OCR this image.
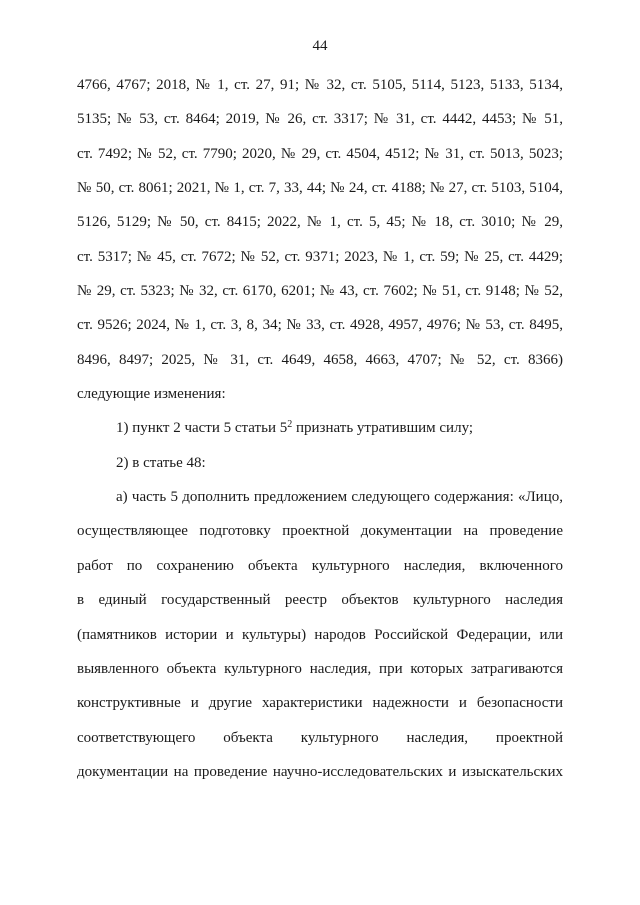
44
4766, 4767; 2018, № 1, ст. 27, 91; № 32, ст. 5105, 5114, 5123, 5133, 5134,
5135; № 53, ст. 8464; 2019, № 26, ст. 3317; № 31, ст. 4442, 4453; № 51,
ст. 7492; № 52, ст. 7790; 2020, № 29, ст. 4504, 4512; № 31, ст. 5013, 5023;
№ 50, ст. 8061; 2021, № 1, ст. 7, 33, 44; № 24, ст. 4188; № 27, ст. 5103, 5104,
5126, 5129; № 50, ст. 8415; 2022, № 1, ст. 5, 45; № 18, ст. 3010; № 29,
ст. 5317; № 45, ст. 7672; № 52, ст. 9371; 2023, № 1, ст. 59; № 25, ст. 4429;
№ 29, ст. 5323; № 32, ст. 6170, 6201; № 43, ст. 7602; № 51, ст. 9148; № 52,
ст. 9526; 2024, № 1, ст. 3, 8, 34; № 33, ст. 4928, 4957, 4976; № 53, ст. 8495,
8496, 8497; 2025, № 31, ст. 4649, 4658, 4663, 4707; № 52, ст. 8366)
следующие изменения:
1) пункт 2 части 5 статьи $5^2$ признать утратившим силу;
2) в статье 48:
а) часть 5 дополнить предложением следующего содержания: «Лицо,
осуществляющее подготовку проектной документации на проведение
работ по сохранению объекта культурного наследия, включенного
в единый государственный реестр объектов культурного наследия
(памятников истории и культуры) народов Российской Федерации, или
выявленного объекта культурного наследия, при которых затрагиваются
конструктивные и другие характеристики надежности и безопасности
соответствующего объекта культурного наследия, проектной
документации на проведение научно-исследовательских и изыскательских
